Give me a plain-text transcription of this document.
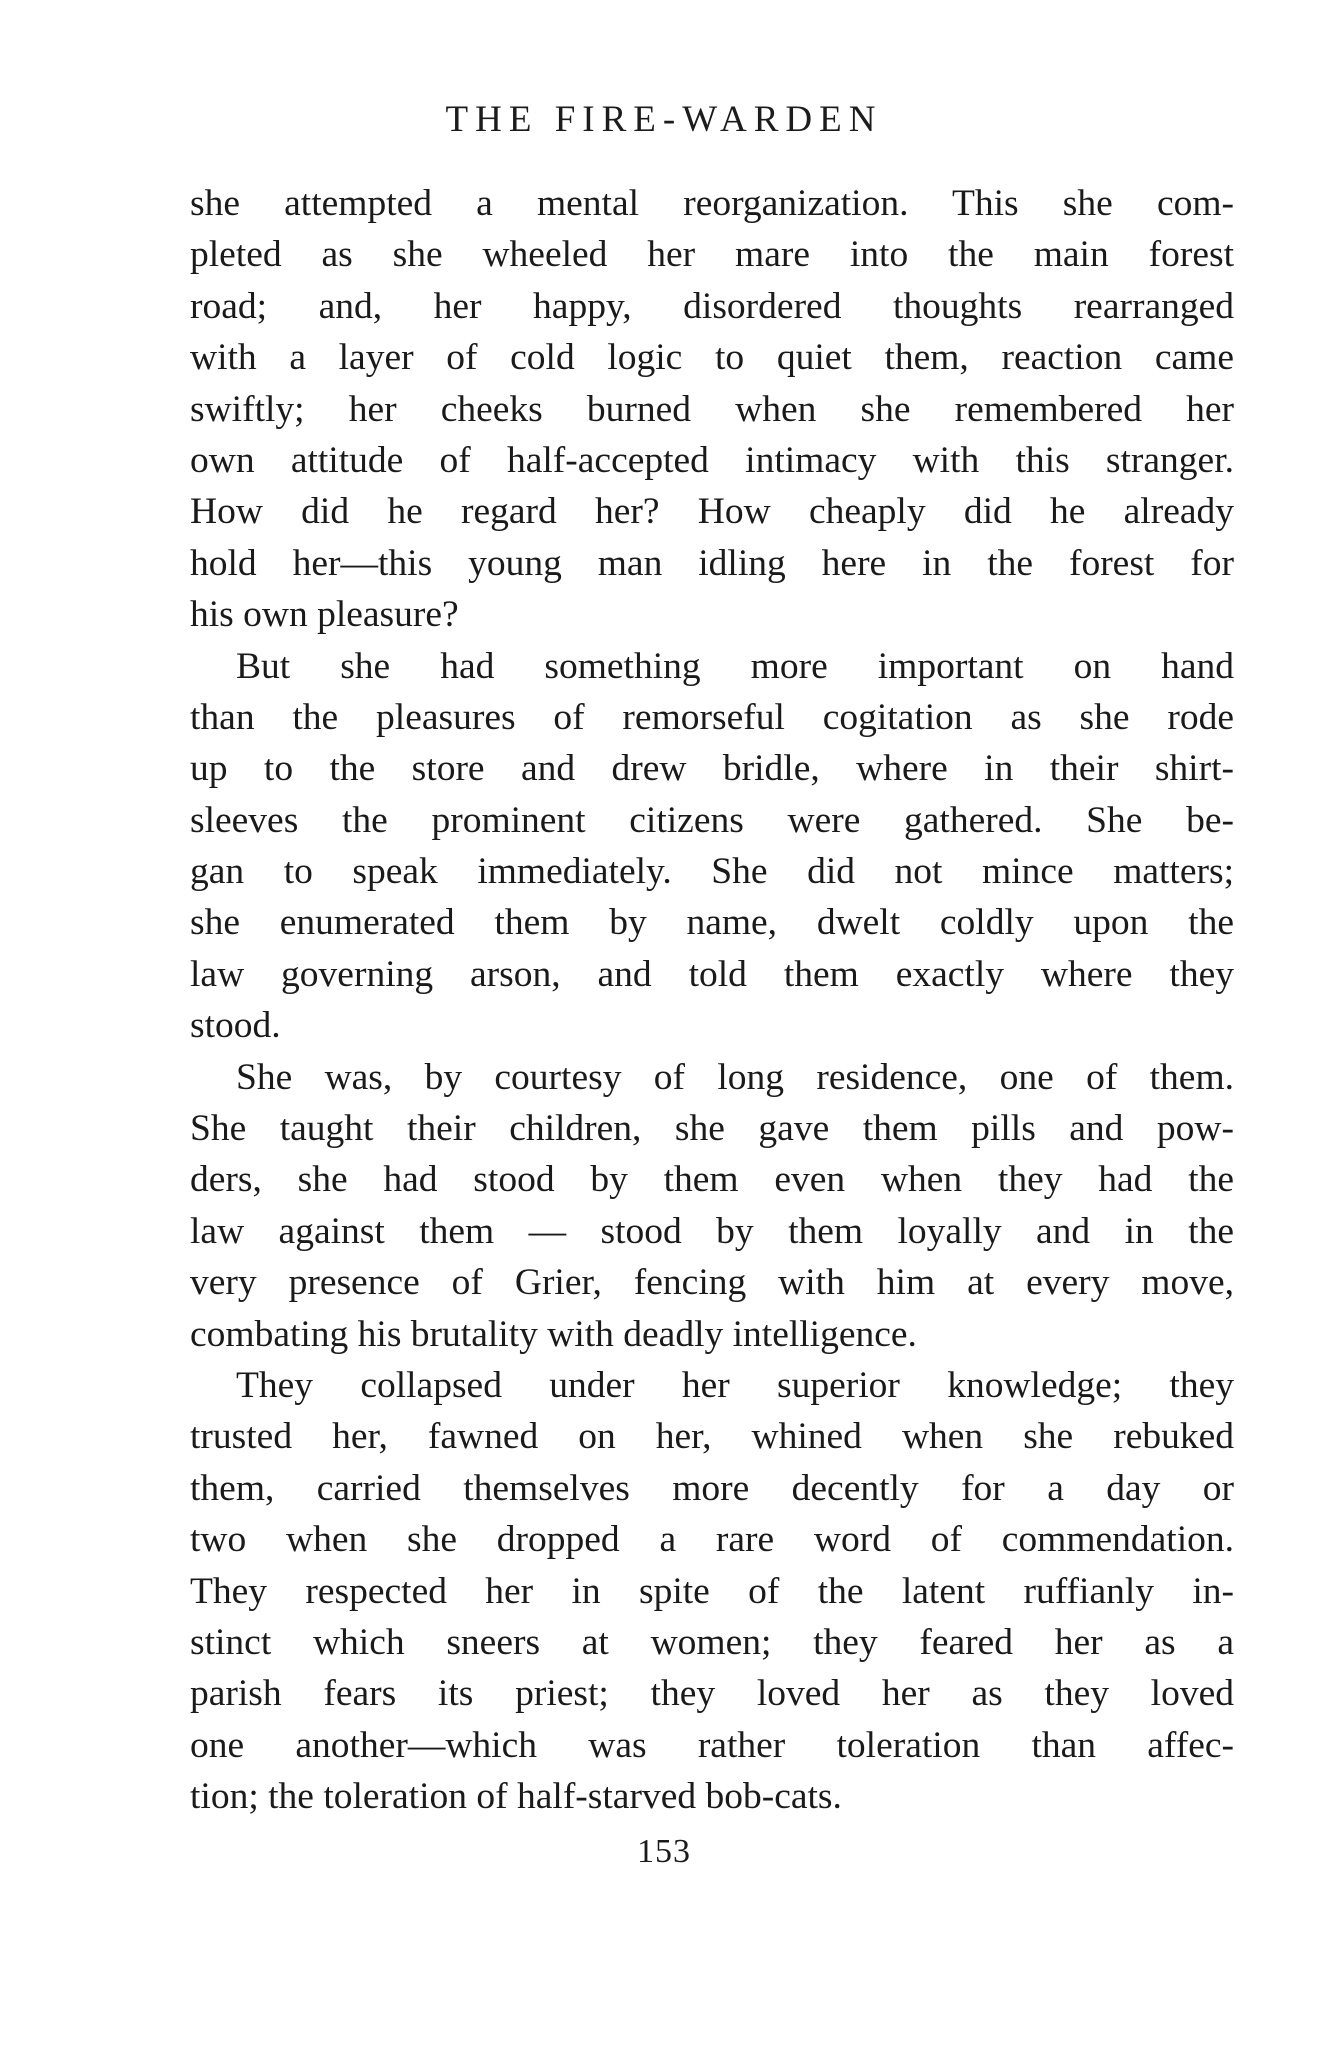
THE FIRE-WARDEN
she attempted a mental reorganization. This she com-
pleted as she wheeled her mare into the main forest
road; and, her happy, disordered thoughts rearranged
with a layer of cold logic to quiet them, reaction came
swiftly; her cheeks burned when she remembered her
own attitude of half-accepted intimacy with this stranger.
How did he regard her? How cheaply did he already
hold her—this young man idling here in the forest for
his own pleasure?
But she had something more important on hand
than the pleasures of remorseful cogitation as she rode
up to the store and drew bridle, where in their shirt-
sleeves the prominent citizens were gathered. She be-
gan to speak immediately. She did not mince matters;
she enumerated them by name, dwelt coldly upon the
law governing arson, and told them exactly where they
stood.
She was, by courtesy of long residence, one of them.
She taught their children, she gave them pills and pow-
ders, she had stood by them even when they had the
law against them — stood by them loyally and in the
very presence of Grier, fencing with him at every move,
combating his brutality with deadly intelligence.
They collapsed under her superior knowledge; they
trusted her, fawned on her, whined when she rebuked
them, carried themselves more decently for a day or
two when she dropped a rare word of commendation.
They respected her in spite of the latent ruffianly in-
stinct which sneers at women; they feared her as a
parish fears its priest; they loved her as they loved
one another—which was rather toleration than affec-
tion; the toleration of half-starved bob-cats.
153
